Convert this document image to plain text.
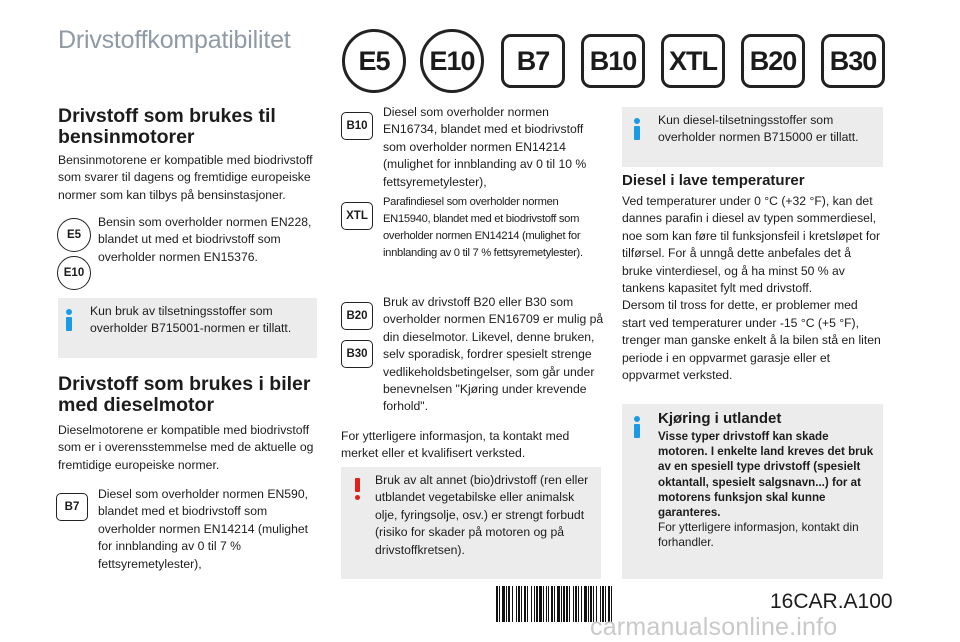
Drivstoffkompatibilitet
E5	E10	B7	B10	XTL	B20	B30
Drivstoff som brukes til bensinmotorer
Bensinmotorene er kompatible med biodrivstoff som svarer til dagens og fremtidige europeiske normer som kan tilbys på bensinstasjoner.
E5
E10
Bensin som overholder normen EN228, blandet ut med et biodrivstoff som overholder normen EN15376.
Kun bruk av tilsetningsstoffer som overholder B715001-normen er tillatt.
Drivstoff som brukes i biler med dieselmotor
Dieselmotorene er kompatible med biodrivstoff som er i overensstemmelse med de aktuelle og fremtidige europeiske normer.
B7
Diesel som overholder normen EN590, blandet med et biodrivstoff som overholder normen EN14214 (mulighet for innblanding av 0 til 7 % fettsyremetylester),
B10
Diesel som overholder normen EN16734, blandet med et biodrivstoff som overholder normen EN14214 (mulighet for innblanding av 0 til 10 % fettsyremetylester),
XTL
Parafindiesel som overholder normen EN15940, blandet med et biodrivstoff som overholder normen EN14214 (mulighet for innblanding av 0 til 7 % fettsyremetylester).
B20
B30
Bruk av drivstoff B20 eller B30 som overholder normen EN16709 er mulig på din dieselmotor. Likevel, denne bruken, selv sporadisk, fordrer spesielt strenge vedlikeholdsbetingelser, som går under benevnelsen "Kjøring under krevende forhold".
For ytterligere informasjon, ta kontakt med merket eller et kvalifisert verksted.
Bruk av alt annet (bio)drivstoff (ren eller utblandet vegetabilske eller animalsk olje, fyringsolje, osv.) er strengt forbudt (risiko for skader på motoren og på drivstoffkretsen).
Kun diesel-tilsetningsstoffer som overholder normen B715000 er tillatt.
Diesel i lave temperaturer
Ved temperaturer under 0 °C (+32 °F), kan det dannes parafin i diesel av typen sommerdiesel, noe som kan føre til funksjonsfeil i kretsløpet for tilførsel. For å unngå dette anbefales det å bruke vinterdiesel, og å ha minst 50 % av tankens kapasitet fylt med drivstoff.
Dersom til tross for dette, er problemer med start ved temperaturer under -15 °C (+5 °F), trenger man ganske enkelt å la bilen stå en liten periode i en oppvarmet garasje eller et oppvarmet verksted.
Kjøring i utlandet
Visse typer drivstoff kan skade motoren. I enkelte land kreves det bruk av en spesiell type drivstoff (spesielt oktantall, spesielt salgsnavn...) for at motorens funksjon skal kunne garanteres.
For ytterligere informasjon, kontakt din forhandler.
16CAR.A100
carmanualsonline.info
